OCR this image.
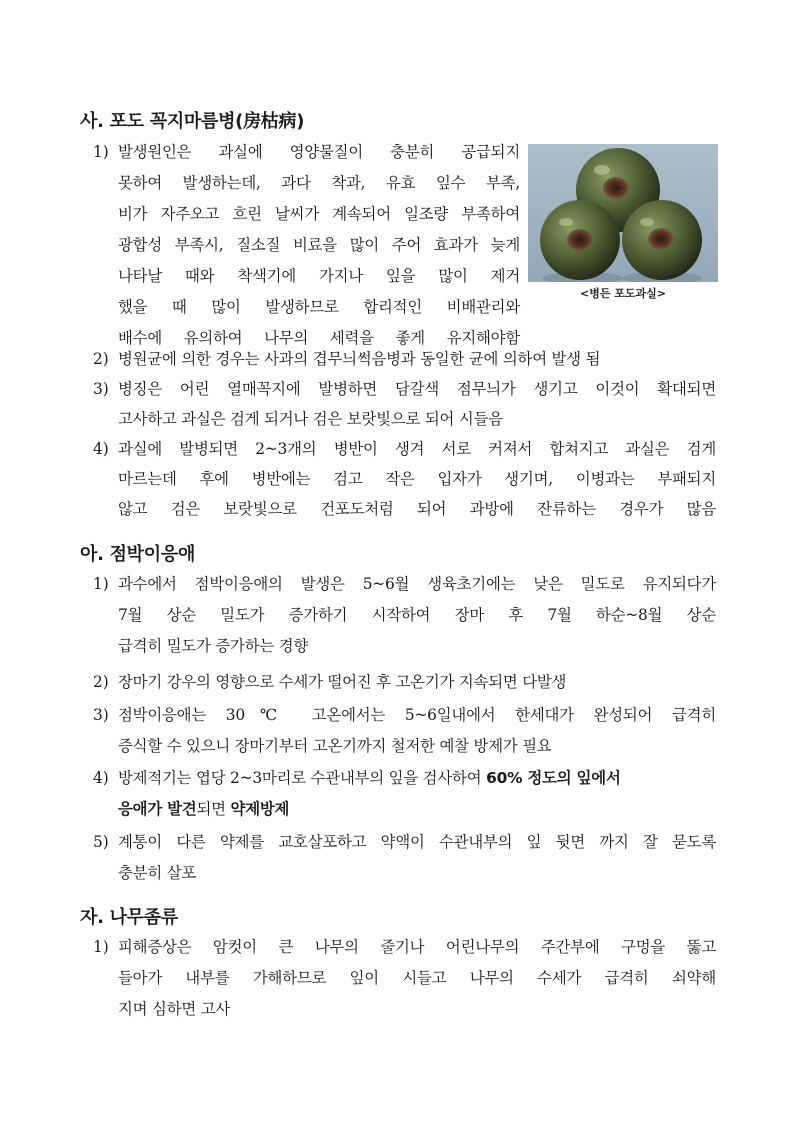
사. 포도 꼭지마름병(房枯病)
1) 발생원인은 과실에 영양물질이 충분히 공급되지
못하여 발생하는데, 과다 착과, 유효 잎수 부족,
비가 자주오고 흐린 날씨가 계속되어 일조량 부족하여
광합성 부족시, 질소질 비료을 많이 주어 효과가 늦게
나타날 때와 착색기에 가지나 잎을 많이 제거
했을 때 많이 발생하므로 합리적인 비배관리와
배수에 유의하여 나무의 세력을 좋게 유지해야함
<병든 포도과실>
2) 병원균에 의한 경우는 사과의 겹무늬썩음병과 동일한 균에 의하여 발생 됨
3) 병징은 어린 열매꼭지에 발병하면 담갈색 점무늬가 생기고 이것이 확대되면
고사하고 과실은 검게 되거나 검은 보랏빛으로 되어 시들음
4) 과실에 발병되면 2~3개의 병반이 생겨 서로 커져서 합쳐지고 과실은 검게
마르는데 후에 병반에는 검고 작은 입자가 생기며, 이병과는 부패되지
않고 검은 보랏빛으로 건포도처럼 되어 과방에 잔류하는 경우가 많음
아. 점박이응애
1) 과수에서 점박이응애의 발생은 5~6월 생육초기에는 낮은 밀도로 유지되다가
7월 상순 밀도가 증가하기 시작하여 장마 후 7월 하순~8월 상순
급격히 밀도가 증가하는 경향
2) 장마기 강우의 영향으로 수세가 떨어진 후 고온기가 지속되면 다발생
3) 점박이응애는 30℃ 고온에서는 5~6일내에서 한세대가 완성되어 급격히
증식할 수 있으니 장마기부터 고온기까지 철저한 예찰 방제가 필요
4) 방제적기는 엽당 2~3마리로 수관내부의 잎을 검사하여 60% 정도의 잎에서
응애가 발견되면 약제방제
5) 계통이 다른 약제를 교호살포하고 약액이 수관내부의 잎 뒷면 까지 잘 묻도록
충분히 살포
자. 나무좀류
1) 피해증상은 암컷이 큰 나무의 줄기나 어린나무의 주간부에 구멍을 뚫고
들아가 내부를 가해하므로 잎이 시들고 나무의 수세가 급격히 쇠약해
지며 심하면 고사
